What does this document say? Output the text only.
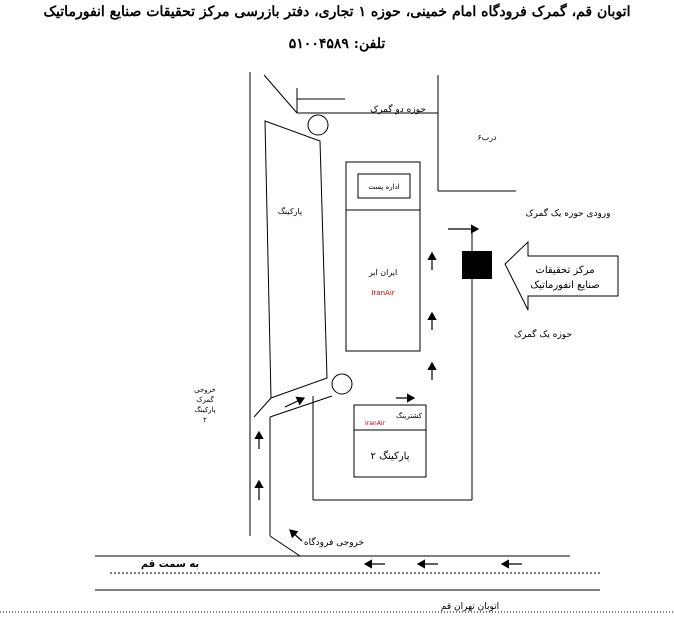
اتوبان قم، گمرک فرودگاه امام خمینی، حوزه ۱ تجاری، دفتر بازرسی مرکز تحقیقات صنایع انفورماتیک
تلفن: ۵۱۰۰۴۵۸۹
حوزه دو گمرک
درب۶
ورودی حوزه یک گمرک
پارکینگ
اداره پست
ایران ایر
IranAir
مرکز تحقیقات
صنایع انفورماتیک
حوزه یک گمرک
خروجی
گمرک
پارکینگ
۲	کشترینگ
IranAir
پارکینگ ۲
خروجی فرودگاه
به سمت قم
اتوبان تهران قم
